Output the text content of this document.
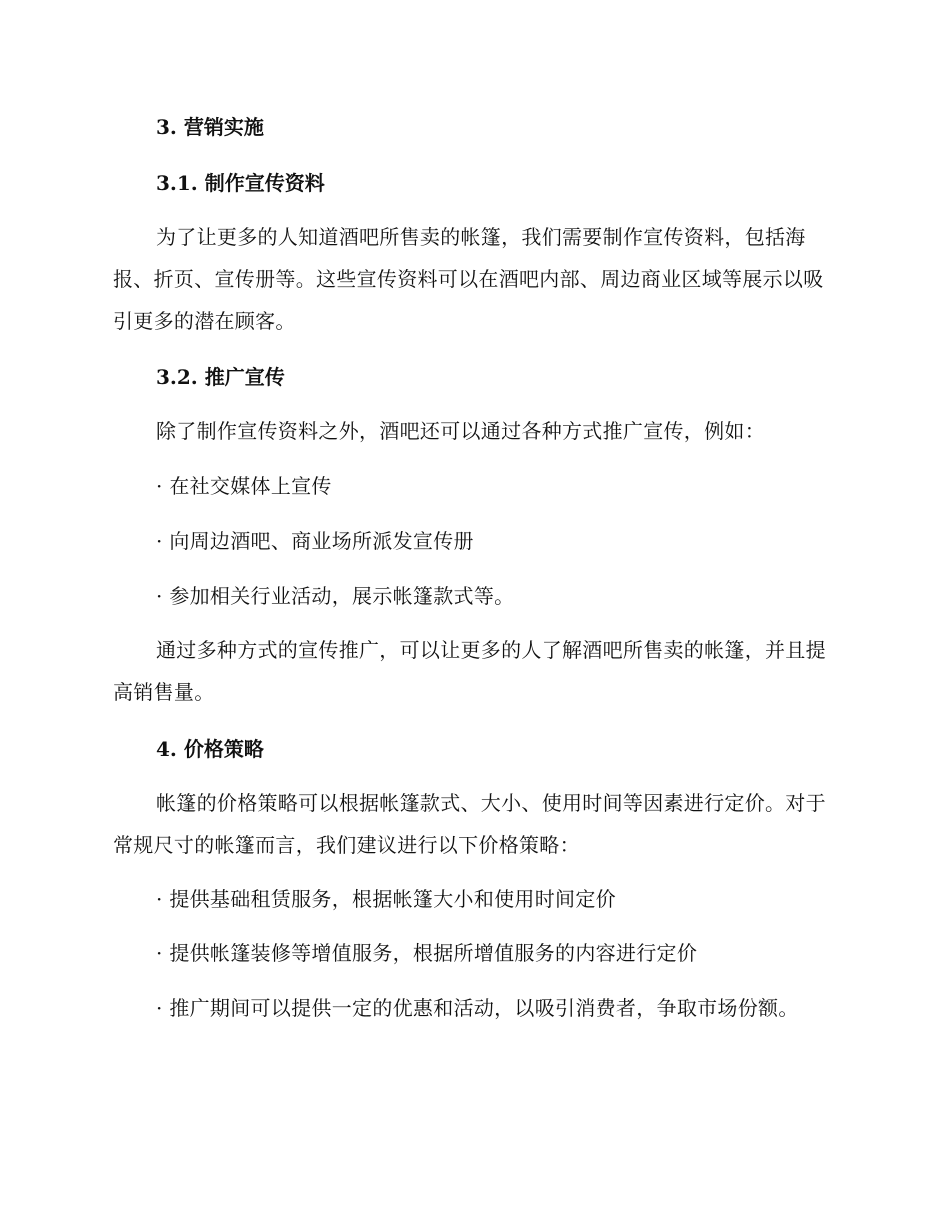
3. 营销实施
3.1. 制作宣传资料

为了让更多的人知道酒吧所售卖的帐篷，我们需要制作宣传资料，包括海报、折页、宣传册等。这些宣传资料可以在酒吧内部、周边商业区域等展示以吸引更多的潜在顾客。

3.2. 推广宣传

除了制作宣传资料之外，酒吧还可以通过各种方式推广宣传，例如：

· 在社交媒体上宣传

· 向周边酒吧、商业场所派发宣传册

· 参加相关行业活动，展示帐篷款式等。

通过多种方式的宣传推广，可以让更多的人了解酒吧所售卖的帐篷，并且提高销售量。

4. 价格策略

帐篷的价格策略可以根据帐篷款式、大小、使用时间等因素进行定价。对于常规尺寸的帐篷而言，我们建议进行以下价格策略：

· 提供基础租赁服务，根据帐篷大小和使用时间定价

· 提供帐篷装修等增值服务，根据所增值服务的内容进行定价

· 推广期间可以提供一定的优惠和活动，以吸引消费者，争取市场份额。
